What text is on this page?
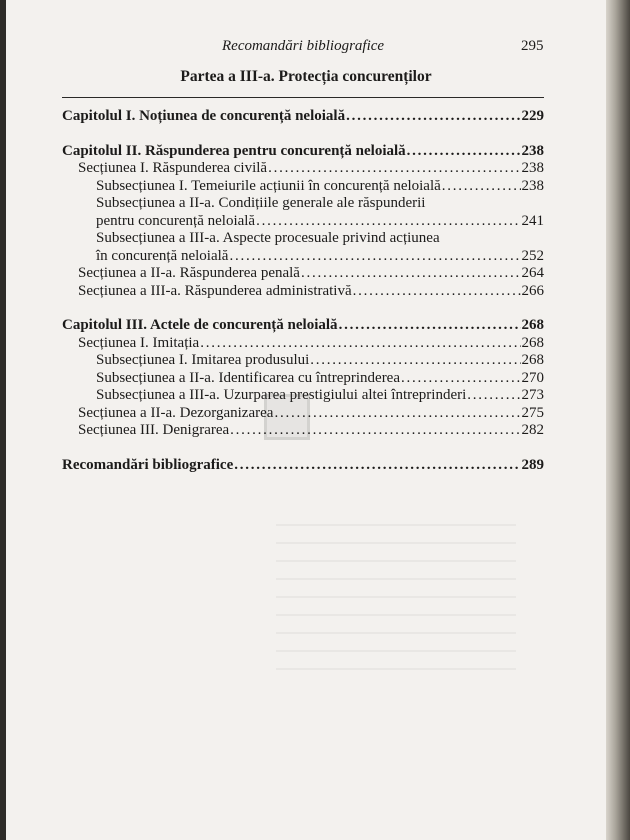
Recomandări bibliografice	295
Partea a III-a. Protecția concurenților
Capitolul I. Noțiunea de concurență neloială . . .	229
Capitolul II. Răspunderea pentru concurență neloială . . .	238
Secțiunea I. Răspunderea civilă . . .	238
Subsecțiunea I. Temeiurile acțiunii în concurență neloială . . .	238
Subsecțiunea a II-a. Condițiile generale ale răspunderii
pentru concurență neloială . . .	241
Subsecțiunea a III-a. Aspecte procesuale privind acțiunea
în concurență neloială . . .	252
Secțiunea a II-a. Răspunderea penală . . .	264
Secțiunea a III-a. Răspunderea administrativă . . .	266
Capitolul III. Actele de concurență neloială . . .	268
Secțiunea I. Imitația . . .	268
Subsecțiunea I. Imitarea produsului . . .	268
Subsecțiunea a II-a. Identificarea cu întreprinderea . . .	270
Subsecțiunea a III-a. Uzurparea prestigiului altei întreprinderi . . .	273
Secțiunea a II-a. Dezorganizarea . . .	275
Secțiunea III. Denigrarea . . .	282
Recomandări bibliografice . . .	289
